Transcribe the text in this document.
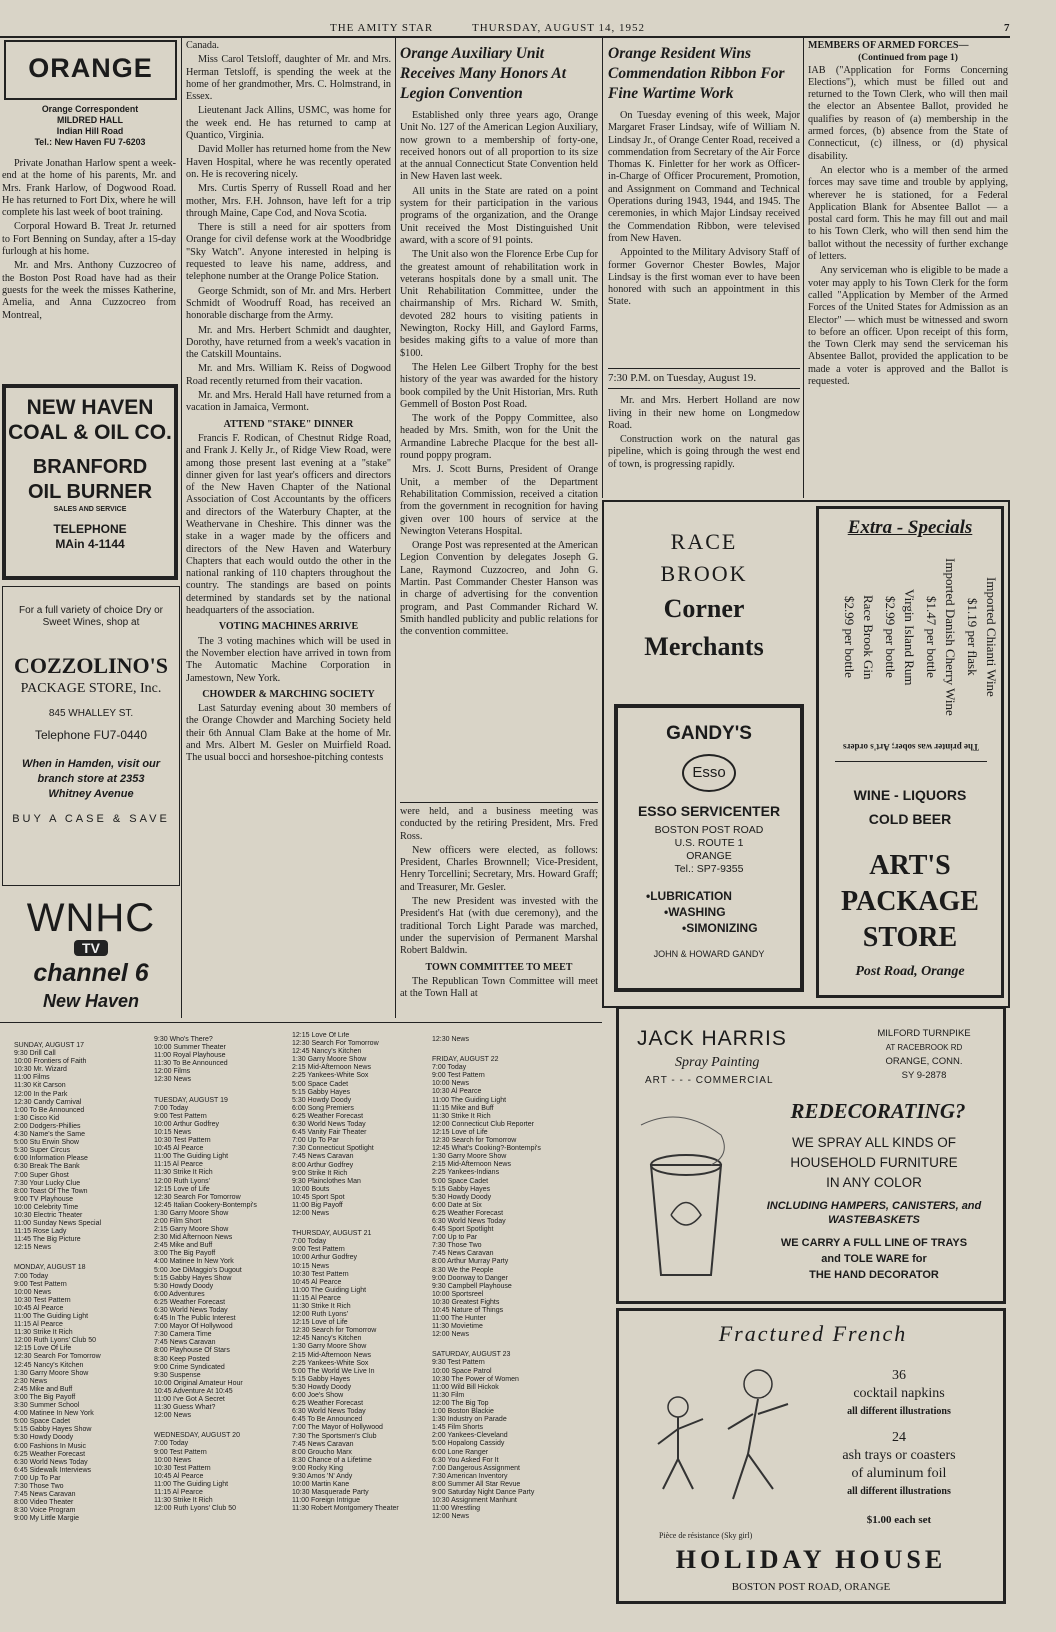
THE AMITY STAR	THURSDAY, AUGUST 14, 1952	7
ORANGE
Orange Correspondent
MILDRED HALL
Indian Hill Road
Tel.: New Haven FU 7-6203

Private Jonathan Harlow spent a week-end at the home of his parents, Mr. and Mrs. Frank Harlow, of Dogwood Road. He has returned to Fort Dix, where he will complete his last week of boot training.

Corporal Howard B. Treat Jr. returned to Fort Benning on Sunday, after a 15-day furlough at his home.

Mr. and Mrs. Anthony Cuzzocreo of the Boston Post Road have had as their guests for the week the misses Katherine, Amelia, and Anna Cuzzocreo from Montreal,

NEW HAVEN
COAL & OIL CO.
BRANFORD
OIL BURNER
SALES AND SERVICE
TELEPHONE
MAin 4-1144
For a full variety of choice Dry or Sweet Wines, shop at
COZZOLINO'S
PACKAGE STORE, Inc.
845 WHALLEY ST.
Telephone FU7-0440
When in Hamden, visit our branch store at 2353 Whitney Avenue
BUY A CASE & SAVE
WNHC
TV
channel 6
New Haven

Canada.

Miss Carol Tetsloff, daughter of Mr. and Mrs. Herman Tetsloff, is spending the week at the home of her grandmother, Mrs. C. Holmstrand, in Essex.

Lieutenant Jack Allins, USMC, was home for the week end. He has returned to camp at Quantico, Virginia.

David Moller has returned home from the New Haven Hospital, where he was recently operated on. He is recovering nicely.

Mrs. Curtis Sperry of Russell Road and her mother, Mrs. F.H. Johnson, have left for a trip through Maine, Cape Cod, and Nova Scotia.

There is still a need for air spotters from Orange for civil defense work at the Woodbridge "Sky Watch". Anyone interested in helping is requested to leave his name, address, and telephone number at the Orange Police Station.

George Schmidt, son of Mr. and Mrs. Herbert Schmidt of Woodruff Road, has received an honorable discharge from the Army.

Mr. and Mrs. Herbert Schmidt and daughter, Dorothy, have returned from a week's vacation in the Catskill Mountains.

Mr. and Mrs. William K. Reiss of Dogwood Road recently returned from their vacation.

Mr. and Mrs. Herald Hall have returned from a vacation in Jamaica, Vermont.

ATTEND "STAKE" DINNER

Francis F. Rodican, of Chestnut Ridge Road, and Frank J. Kelly Jr., of Ridge View Road, were among those present last evening at a "stake" dinner given for last year's officers and directors of the New Haven Chapter of the National Association of Cost Accountants by the officers and directors of the Waterbury Chapter, at the Weathervane in Cheshire. This dinner was the stake in a wager made by the officers and directors of the New Haven and Waterbury Chapters that each would outdo the other in the national ranking of 110 chapters throughout the country. The standings are based on points determined by standards set by the national headquarters of the association.

VOTING MACHINES ARRIVE

The 3 voting machines which will be used in the November election have arrived in town from The Automatic Machine Corporation in Jamestown, New York.

CHOWDER & MARCHING SOCIETY

Last Saturday evening about 30 members of the Orange Chowder and Marching Society held their 6th Annual Clam Bake at the home of Mr. and Mrs. Albert M. Gesler on Muirfield Road. The usual bocci and horseshoe-pitching contests

Orange Auxiliary Unit Receives Many Honors At Legion Convention

Established only three years ago, Orange Unit No. 127 of the American Legion Auxiliary, now grown to a membership of forty-one, received honors out of all proportion to its size at the annual Connecticut State Convention held in New Haven last week.

All units in the State are rated on a point system for their participation in the various programs of the organization, and the Orange Unit received the Most Distinguished Unit award, with a score of 91 points.

The Unit also won the Florence Erbe Cup for the greatest amount of rehabilitation work in veterans hospitals done by a small unit. The Unit Rehabilitation Committee, under the chairmanship of Mrs. Richard W. Smith, devoted 282 hours to visiting patients in Newington, Rocky Hill, and Gaylord Farms, besides making gifts to a value of more than $100.

The Helen Lee Gilbert Trophy for the best history of the year was awarded for the history book compiled by the Unit Historian, Mrs. Ruth Gemmell of Boston Post Road.

The work of the Poppy Committee, also headed by Mrs. Smith, won for the Unit the Armandine Labreche Placque for the best all-round poppy program.

Mrs. J. Scott Burns, President of Orange Unit, a member of the Department Rehabilitation Commission, received a citation from the government in recognition for having given over 100 hours of service at the Newington Veterans Hospital.

Orange Post was represented at the American Legion Convention by delegates Joseph G. Lane, Raymond Cuzzocreo, and John G. Martin. Past Commander Chester Hanson was in charge of advertising for the convention program, and Past Commander Richard W. Smith handled publicity and public relations for the convention committee.

were held, and a business meeting was conducted by the retiring President, Mrs. Fred Ross.

New officers were elected, as follows: President, Charles Brownnell; Vice-President, Henry Torcellini; Secretary, Mrs. Howard Graff; and Treasurer, Mr. Gesler.

The new President was invested with the President's Hat (with due ceremony), and the traditional Torch Light Parade was marched, under the supervision of Permanent Marshal Robert Baldwin.

TOWN COMMITTEE TO MEET

The Republican Town Committee will meet at the Town Hall at

Orange Resident Wins Commendation Ribbon For Fine Wartime Work

On Tuesday evening of this week, Major Margaret Fraser Lindsay, wife of William N. Lindsay Jr., of Orange Center Road, received a commendation from Secretary of the Air Force Thomas K. Finletter for her work as Officer-in-Charge of Officer Procurement, Promotion, and Assignment on Command and Technical Operations during 1943, 1944, and 1945. The ceremonies, in which Major Lindsay received the Commendation Ribbon, were televised from New Haven.

Appointed to the Military Advisory Staff of former Governor Chester Bowles, Major Lindsay is the first woman ever to have been honored with such an appointment in this State.

7:30 P.M. on Tuesday, August 19.

Mr. and Mrs. Herbert Holland are now living in their new home on Longmedow Road.

Construction work on the natural gas pipeline, which is going through the west end of town, is progressing rapidly.

MEMBERS OF ARMED FORCES—
(Continued from page 1)

IAB ("Application for Forms Concerning Elections"), which must be filled out and returned to the Town Clerk, who will then mail the elector an Absentee Ballot, provided he qualifies by reason of (a) membership in the armed forces, (b) absence from the State of Connecticut, (c) illness, or (d) physical disability.

An elector who is a member of the armed forces may save time and trouble by applying, wherever he is stationed, for a Federal Application Blank for Absentee Ballot — a postal card form. This he may fill out and mail to his Town Clerk, who will then send him the ballot without the necessity of further exchange of letters.

Any serviceman who is eligible to be made a voter may apply to his Town Clerk for the form called "Application by Member of the Armed Forces of the United States for Admission as an Elector" — which must be witnessed and sworn to before an officer. Upon receipt of this form, the Town Clerk may send the serviceman his Absentee Ballot, provided the application to be made a voter is approved and the Ballot is requested.

RACE
BROOK
Corner
Merchants
GANDY'S
Esso
ESSO SERVICENTER
BOSTON POST ROAD
U.S. ROUTE 1
ORANGE
Tel.: SP7-9355
•LUBRICATION
•WASHING
•SIMONIZING
JOHN & HOWARD GANDY
Extra - Specials
Imported Chianti Wine
$1.19 per flask
Imported Danish Cherry Wine
$1.47 per bottle
Virgin Island Rum
$2.99 per bottle
Race Brook Gin
$2.99 per bottle
The printer was sober; Art's orders
WINE - LIQUORS
COLD BEER
ART'S
PACKAGE
STORE
Post Road, Orange
JACK HARRIS
Spray Painting
ART - - - COMMERCIAL
MILFORD TURNPIKE
AT RACEBROOK RD
ORANGE, CONN.
SY 9-2878
REDECORATING?
WE SPRAY ALL KINDS OF
HOUSEHOLD FURNITURE
IN ANY COLOR
INCLUDING HAMPERS, CANISTERS, and WASTEBASKETS
WE CARRY A FULL LINE OF TRAYS
and TOLE WARE for
THE HAND DECORATOR
Fractured French
36
cocktail napkins
all different illustrations
24
ash trays or coasters
of aluminum foil
all different illustrations
$1.00 each set
Pièce de résistance (Sky girl)
HOLIDAY HOUSE
BOSTON POST ROAD, ORANGE
SUNDAY, AUGUST 17
9:30 Drill Call
10:00 Frontiers of Faith
10:30 Mr. Wizard
11:00 Films
11:30 Kit Carson
12:00 In the Park
12:30 Candy Carnival
1:00 To Be Announced
1:30 Cisco Kid
2:00 Dodgers-Phillies
4:30 Name's the Same
5:00 Stu Erwin Show
5:30 Super Circus
6:00 Information Please
6:30 Break The Bank
7:00 Super Ghost
7:30 Your Lucky Clue
8:00 Toast Of The Town
9:00 TV Playhouse
10:00 Celebrity Time
10:30 Electric Theater
11:00 Sunday News Special
11:15 Rose Lady
11:45 The Big Picture
12:15 News
MONDAY, AUGUST 18
7:00 Today
9:00 Test Pattern
10:00 News
10:30 Test Pattern
10:45 Al Pearce
11:00 The Guiding Light
11:15 Al Pearce
11:30 Strike It Rich
12:00 Ruth Lyons' Club 50
12:15 Love Of Life
12:30 Search For Tomorrow
12:45 Nancy's Kitchen
1:30 Garry Moore Show
2:30 News
2:45 Mike and Buff
3:00 The Big Payoff
3:30 Summer School
4:00 Matinee In New York
5:00 Space Cadet
5:15 Gabby Hayes Show
5:30 Howdy Doody
6:00 Fashions In Music
6:25 Weather Forecast
6:30 World News Today
6:45 Sidewalk Interviews
7:00 Up To Par
7:30 Those Two
7:45 News Caravan
8:00 Video Theater
8:30 Voice Program
9:00 My Little Margie
9:30 Who's There?
10:00 Summer Theater
11:00 Royal Playhouse
11:30 To Be Announced
12:00 Films
12:30 News
TUESDAY, AUGUST 19
7:00 Today
9:00 Test Pattern
10:00 Arthur Godfrey
10:15 News
10:30 Test Pattern
10:45 Al Pearce
11:00 The Guiding Light
11:15 Al Pearce
11:30 Strike It Rich
12:00 Ruth Lyons'
12:15 Love of Life
12:30 Search For Tomorrow
12:45 Italian Cookery-Bontempi's
1:30 Garry Moore Show
2:00 Film Short
2:15 Garry Moore Show
2:30 Mid Afternoon News
2:45 Mike and Buff
3:00 The Big Payoff
4:00 Matinee In New York
5:00 Joe DiMaggio's Dugout
5:15 Gabby Hayes Show
5:30 Howdy Doody
6:00 Adventures
6:25 Weather Forecast
6:30 World News Today
6:45 In The Public Interest
7:00 Mayor Of Hollywood
7:30 Camera Time
7:45 News Caravan
8:00 Playhouse Of Stars
8:30 Keep Posted
9:00 Crime Syndicated
9:30 Suspense
10:00 Original Amateur Hour
10:45 Adventure At 10:45
11:00 I've Got A Secret
11:30 Guess What?
12:00 News
WEDNESDAY, AUGUST 20
7:00 Today
9:00 Test Pattern
10:00 News
10:30 Test Pattern
10:45 Al Pearce
11:00 The Guiding Light
11:15 Al Pearce
11:30 Strike It Rich
12:00 Ruth Lyons' Club 50
12:15 Love Of Life
12:30 Search For Tomorrow
12:45 Nancy's Kitchen
1:30 Garry Moore Show
2:15 Mid-Afternoon News
2:25 Yankees-White Sox
5:00 Space Cadet
5:15 Gabby Hayes
5:30 Howdy Doody
6:00 Song Premiers
6:25 Weather Forecast
6:30 World News Today
6:45 Vanity Fair Theater
7:00 Up To Par
7:30 Connecticut Spotlight
7:45 News Caravan
8:00 Arthur Godfrey
9:00 Strike It Rich
9:30 Plainclothes Man
10:00 Bouts
10:45 Sport Spot
11:00 Big Payoff
12:00 News
THURSDAY, AUGUST 21
7:00 Today
9:00 Test Pattern
10:00 Arthur Godfrey
10:15 News
10:30 Test Pattern
10:45 Al Pearce
11:00 The Guiding Light
11:15 Al Pearce
11:30 Strike It Rich
12:00 Ruth Lyons'
12:15 Love of Life
12:30 Search for Tomorrow
12:45 Nancy's Kitchen
1:30 Garry Moore Show
2:15 Mid-Afternoon News
2:25 Yankees-White Sox
5:00 The World We Live In
5:15 Gabby Hayes
5:30 Howdy Doody
6:00 Joe's Show
6:25 Weather Forecast
6:30 World News Today
6:45 To Be Announced
7:00 The Mayor of Hollywood
7:30 The Sportsmen's Club
7:45 News Caravan
8:00 Groucho Marx
8:30 Chance of a Lifetime
9:00 Rocky King
9:30 Amos 'N' Andy
10:00 Martin Kane
10:30 Masquerade Party
11:00 Foreign Intrigue
11:30 Robert Montgomery Theater
12:30 News
FRIDAY, AUGUST 22
7:00 Today
9:00 Test Pattern
10:00 News
10:30 Al Pearce
11:00 The Guiding Light
11:15 Mike and Buff
11:30 Strike It Rich
12:00 Connecticut Club Reporter
12:15 Love of Life
12:30 Search for Tomorrow
12:45 What's Cooking?-Bontempi's
1:30 Garry Moore Show
2:15 Mid-Afternoon News
2:25 Yankees-Indians
5:00 Space Cadet
5:15 Gabby Hayes
5:30 Howdy Doody
6:00 Date at Six
6:25 Weather Forecast
6:30 World News Today
6:45 Sport Spotlight
7:00 Up to Par
7:30 Those Two
7:45 News Caravan
8:00 Arthur Murray Party
8:30 We the People
9:00 Doorway to Danger
9:30 Campbell Playhouse
10:00 Sportsreel
10:30 Greatest Fights
10:45 Nature of Things
11:00 The Hunter
11:30 Movietime
12:00 News
SATURDAY, AUGUST 23
9:30 Test Pattern
10:00 Space Patrol
10:30 The Power of Women
11:00 Wild Bill Hickok
11:30 Film
12:00 The Big Top
1:00 Boston Blackie
1:30 Industry on Parade
1:45 Film Shorts
2:00 Yankees-Cleveland
5:00 Hopalong Cassidy
6:00 Lone Ranger
6:30 You Asked For It
7:00 Dangerous Assignment
7:30 American Inventory
8:00 Summer All Star Revue
9:00 Saturday Night Dance Party
10:30 Assignment Manhunt
11:00 Wrestling
12:00 News
